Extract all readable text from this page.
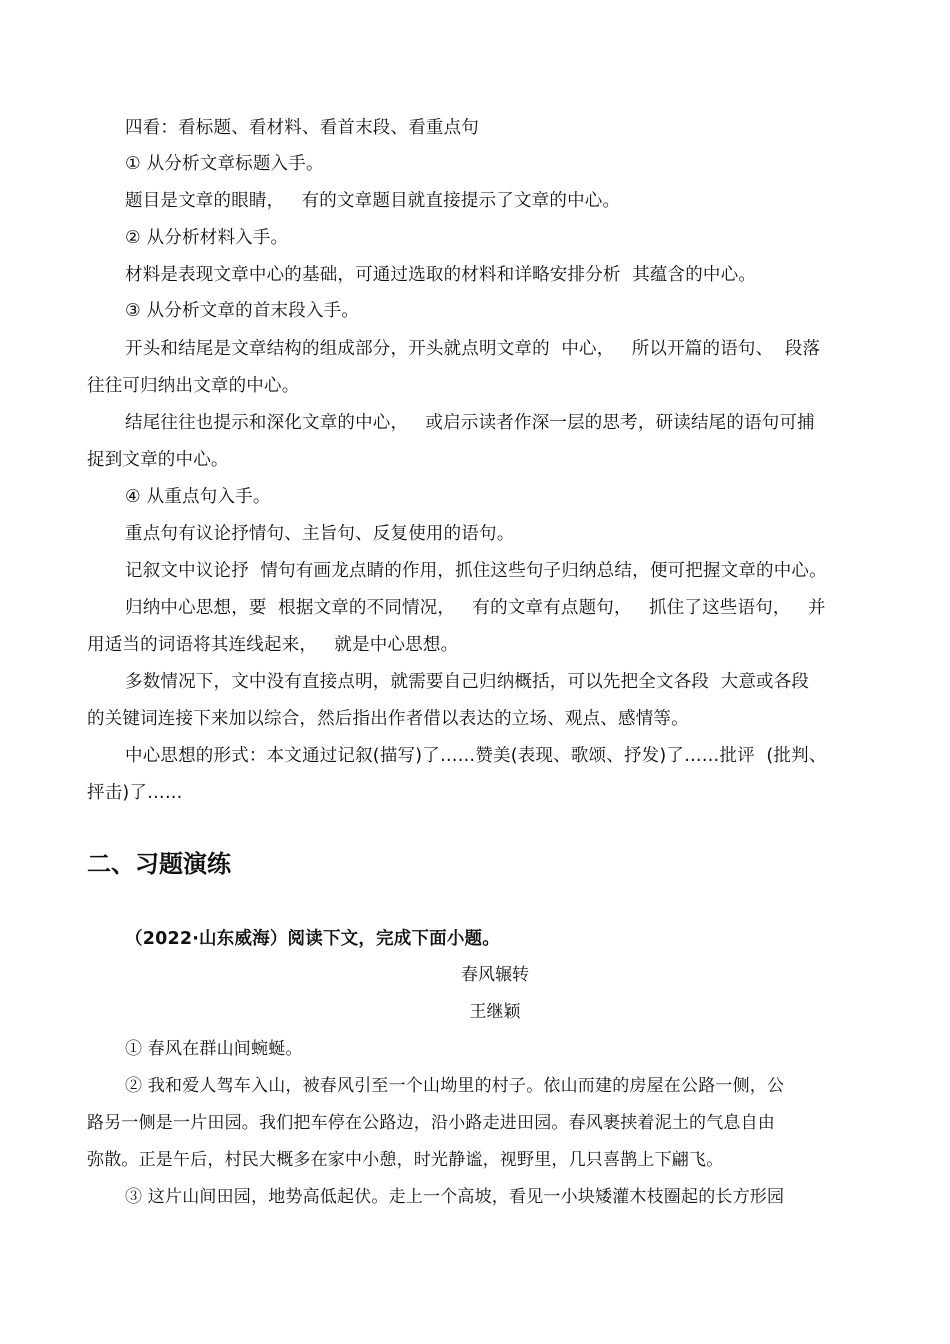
四看：看标题、看材料、看首末段、看重点句
① 从分析文章标题入手。
题目是文章的眼睛，   有的文章题目就直接提示了文章的中心。
② 从分析材料入手。
材料是表现文章中心的基础，可通过选取的材料和详略安排分析  其蕴含的中心。
③ 从分析文章的首末段入手。
开头和结尾是文章结构的组成部分，开头就点明文章的  中心，   所以开篇的语句、  段落
往往可归纳出文章的中心。
结尾往往也提示和深化文章的中心，   或启示读者作深一层的思考，研读结尾的语句可捕
捉到文章的中心。
④ 从重点句入手。
重点句有议论抒情句、主旨句、反复使用的语句。
记叙文中议论抒  情句有画龙点睛的作用，抓住这些句子归纳总结，便可把握文章的中心。
归纳中心思想，要  根据文章的不同情况，   有的文章有点题句，   抓住了这些语句，   并
用适当的词语将其连线起来，   就是中心思想。
多数情况下，文中没有直接点明，就需要自己归纳概括，可以先把全文各段  大意或各段
的关键词连接下来加以综合，然后指出作者借以表达的立场、观点、感情等。
中心思想的形式：本文通过记叙(描写)了……赞美(表现、歌颂、抒发)了……批评  (批判、
抨击)了……
二、习题演练
（2022·山东威海）阅读下文，完成下面小题。
春风辗转
王继颖
① 春风在群山间蜿蜒。
② 我和爱人驾车入山，被春风引至一个山坳里的村子。依山而建的房屋在公路一侧，公
路另一侧是一片田园。我们把车停在公路边，沿小路走进田园。春风裹挟着泥土的气息自由
弥散。正是午后，村民大概多在家中小憩，时光静谧，视野里，几只喜鹊上下翩飞。
③ 这片山间田园，地势高低起伏。走上一个高坡，看见一小块矮灌木枝圈起的长方形园
